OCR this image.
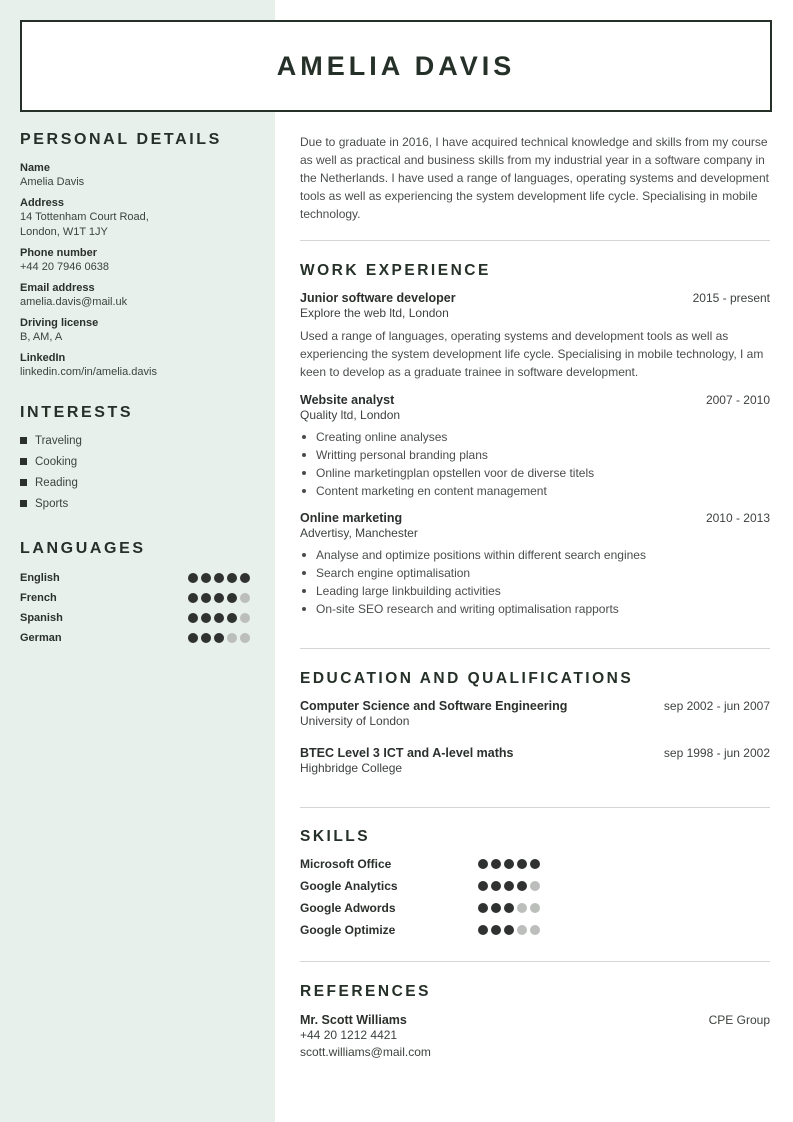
AMELIA DAVIS
PERSONAL DETAILS
Name
Amelia Davis
Address
14 Tottenham Court Road,
London, W1T 1JY
Phone number
+44 20 7946 0638
Email address
amelia.davis@mail.uk
Driving license
B, AM, A
LinkedIn
linkedin.com/in/amelia.davis
INTERESTS
Traveling
Cooking
Reading
Sports
LANGUAGES
English
French
Spanish
German

Due to graduate in 2016, I have acquired technical knowledge and skills from my course as well as practical and business skills from my industrial year in a software company in the Netherlands. I have used a range of languages, operating systems and development tools as well as experiencing the system development life cycle. Specialising in mobile technology.

WORK EXPERIENCE
Junior software developer	2015 - present
Explore the web ltd, London
Used a range of languages, operating systems and development tools as well as experiencing the system development life cycle. Specialising in mobile technology, I am keen to develop as a graduate trainee in software development.
Website analyst	2007 - 2010
Quality ltd, London
Creating online analyses
Writting personal branding plans
Online marketingplan opstellen voor de diverse titels
Content marketing en content management
Online marketing	2010 - 2013
Advertisy, Manchester
Analyse and optimize positions within different search engines
Search engine optimalisation
Leading large linkbuilding activities
On-site SEO research and writing optimalisation rapports
EDUCATION AND QUALIFICATIONS
Computer Science and Software Engineering	sep 2002 - jun 2007
University of London
BTEC Level 3 ICT and A-level maths	sep 1998 - jun 2002
Highbridge College
SKILLS
Microsoft Office
Google Analytics
Google Adwords
Google Optimize
REFERENCES
Mr. Scott Williams	CPE Group
+44 20 1212 4421
scott.williams@mail.com
